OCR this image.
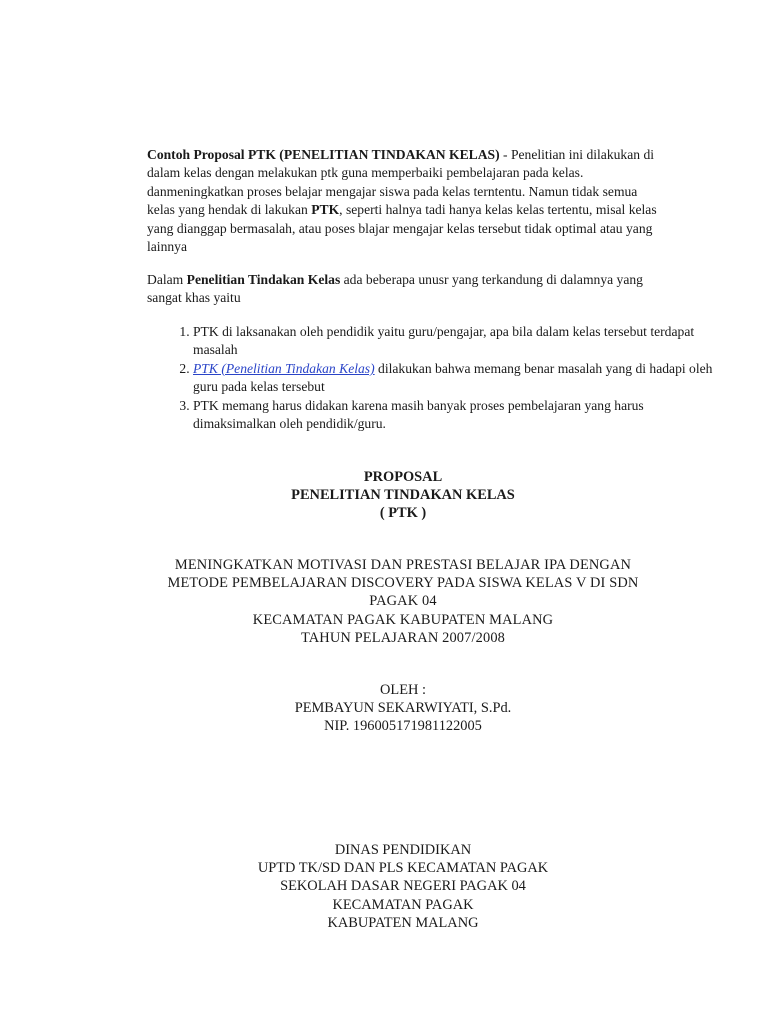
Contoh Proposal PTK (PENELITIAN TINDAKAN KELAS) - Penelitian ini dilakukan di dalam kelas dengan melakukan ptk guna memperbaiki pembelajaran pada kelas. danmeningkatkan proses belajar mengajar siswa pada kelas terntentu. Namun tidak semua kelas yang hendak di lakukan PTK, seperti halnya tadi hanya kelas kelas tertentu, misal kelas yang dianggap bermasalah, atau poses blajar mengajar kelas tersebut tidak optimal atau yang lainnya

Dalam Penelitian Tindakan Kelas ada beberapa unusr yang terkandung di dalamnya yang sangat khas yaitu

1. PTK di laksanakan oleh pendidik yaitu guru/pengajar, apa bila dalam kelas tersebut terdapat masalah
2. PTK (Penelitian Tindakan Kelas) dilakukan bahwa memang benar masalah yang di hadapi oleh guru pada kelas tersebut
3. PTK memang harus didakan karena masih banyak proses pembelajaran yang harus dimaksimalkan oleh pendidik/guru.
PROPOSAL
PENELITIAN TINDAKAN KELAS
( PTK )
MENINGKATKAN MOTIVASI DAN PRESTASI BELAJAR IPA DENGAN
METODE PEMBELAJARAN DISCOVERY PADA SISWA KELAS V DI SDN
PAGAK 04
KECAMATAN PAGAK KABUPATEN MALANG
TAHUN PELAJARAN 2007/2008
OLEH :
PEMBAYUN SEKARWIYATI, S.Pd.
NIP. 196005171981122005
DINAS PENDIDIKAN
UPTD TK/SD DAN PLS KECAMATAN PAGAK
SEKOLAH DASAR NEGERI PAGAK 04
KECAMATAN PAGAK
KABUPATEN MALANG
